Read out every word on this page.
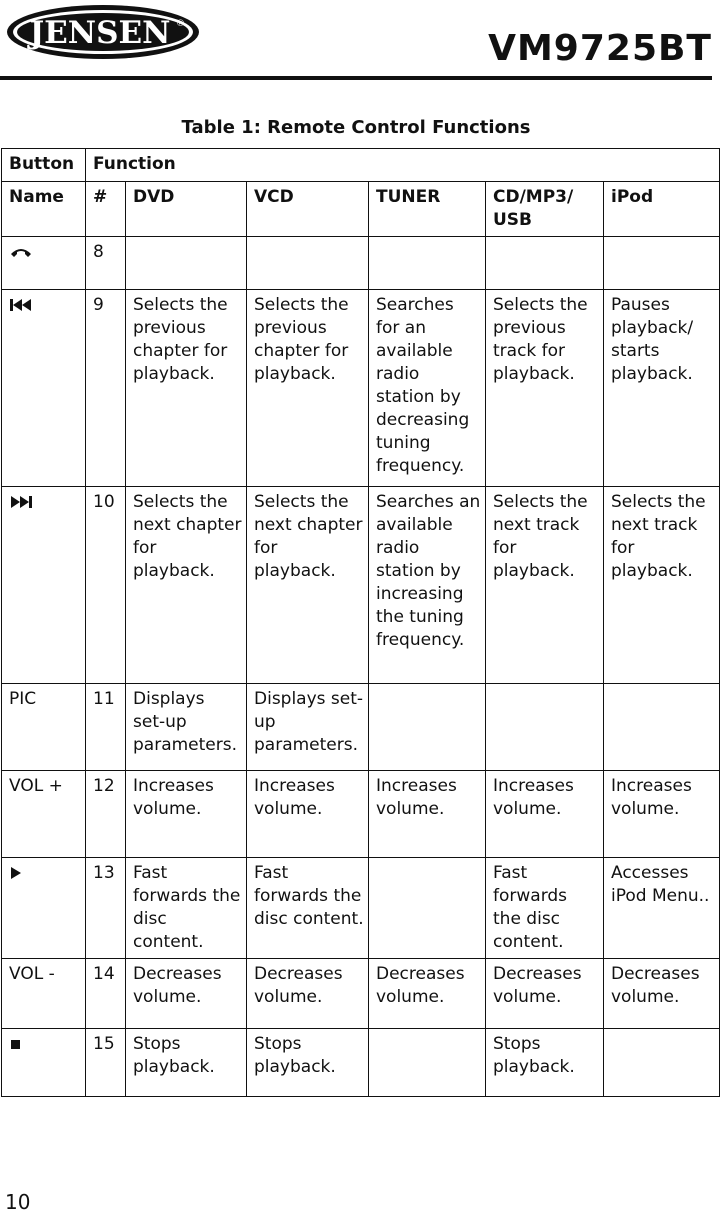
JENSEN ®
VM9725BT
Table 1: Remote Control Functions
Button	Function					
Name	#	DVD	VCD	TUNER	CD/MP3/ USB	iPod
	8					
	9	Selects the previous chapter for playback.	Selects the previous chapter for playback.	Searches for an available radio station by decreasing tuning frequency.	Selects the previous track for playback.	Pauses playback/ starts playback.
	10	Selects the next chapter for playback.	Selects the next chapter for playback.	Searches an available radio station by increasing the tuning frequency.	Selects the next track for playback.	Selects the next track for playback.
PIC	11	Displays set-up parameters.	Displays set-up parameters.			
VOL +	12	Increases volume.	Increases volume.	Increases volume.	Increases volume.	Increases volume.
	13	Fast forwards the disc content.	Fast forwards the disc content.		Fast forwards the disc content.	Accesses iPod Menu..
VOL -	14	Decreases volume.	Decreases volume.	Decreases volume.	Decreases volume.	Decreases volume.
	15	Stops playback.	Stops playback.		Stops playback.	
10
